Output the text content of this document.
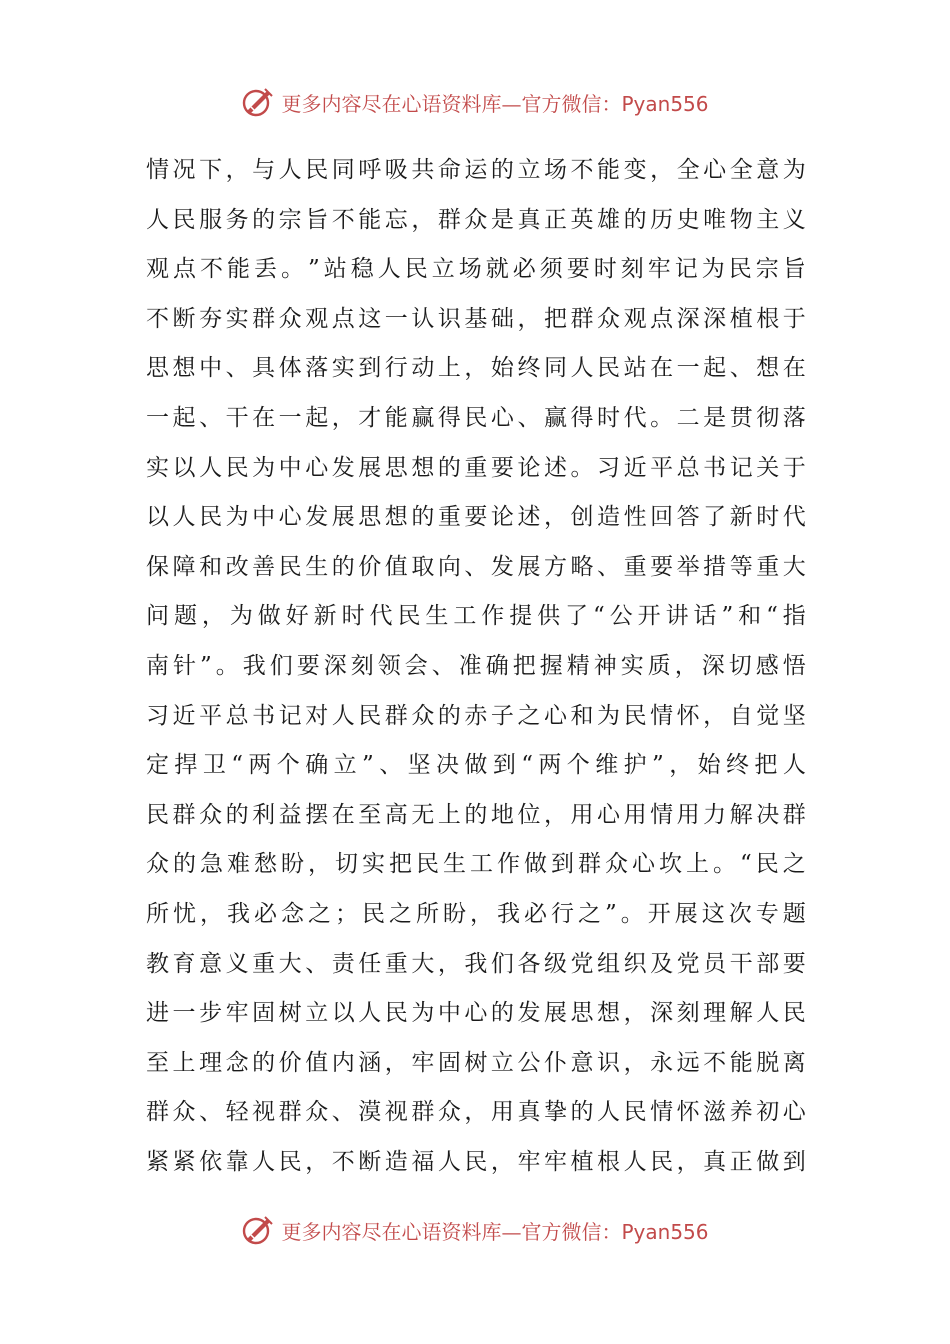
更多内容尽在心语资料库—官方微信：Pyan556
情 况 下 ， 与 人 民 同 呼 吸 共 命 运 的 立 场 不 能 变 ， 全 心 全 意 为
人 民 服 务 的 宗 旨 不 能 忘 ， 群 众 是 真 正 英 雄 的 历 史 唯 物 主 义
观 点 不 能 丢 。 ” 站 稳 人 民 立 场 就 必 须 要 时 刻 牢 记 为 民 宗 旨
不 断 夯 实 群 众 观 点 这 一 认 识 基 础 ， 把 群 众 观 点 深 深 植 根 于
思 想 中 、 具 体 落 实 到 行 动 上 ， 始 终 同 人 民 站 在 一 起 、 想 在
一 起 、 干 在 一 起 ， 才 能 赢 得 民 心 、 赢 得 时 代 。 二 是 贯 彻 落
实 以 人 民 为 中 心 发 展 思 想 的 重 要 论 述 。 习 近 平 总 书 记 关 于
以 人 民 为 中 心 发 展 思 想 的 重 要 论 述 ， 创 造 性 回 答 了 新 时 代
保 障 和 改 善 民 生 的 价 值 取 向 、 发 展 方 略 、 重 要 举 措 等 重 大
问 题 ， 为 做 好 新 时 代 民 生 工 作 提 供 了 “ 公 开 讲 话 ” 和 “ 指
南 针 ” 。 我 们 要 深 刻 领 会 、 准 确 把 握 精 神 实 质 ， 深 切 感 悟
习 近 平 总 书 记 对 人 民 群 众 的 赤 子 之 心 和 为 民 情 怀 ， 自 觉 坚
定 捍 卫 “ 两 个 确 立 ” 、 坚 决 做 到 “ 两 个 维 护 ” ， 始 终 把 人
民 群 众 的 利 益 摆 在 至 高 无 上 的 地 位 ， 用 心 用 情 用 力 解 决 群
众 的 急 难 愁 盼 ， 切 实 把 民 生 工 作 做 到 群 众 心 坎 上 。 “ 民 之
所 忧 ， 我 必 念 之 ； 民 之 所 盼 ， 我 必 行 之 ” 。 开 展 这 次 专 题
教 育 意 义 重 大 、 责 任 重 大 ， 我 们 各 级 党 组 织 及 党 员 干 部 要
进 一 步 牢 固 树 立 以 人 民 为 中 心 的 发 展 思 想 ， 深 刻 理 解 人 民
至 上 理 念 的 价 值 内 涵 ， 牢 固 树 立 公 仆 意 识 ， 永 远 不 能 脱 离
群 众 、 轻 视 群 众 、 漠 视 群 众 ， 用 真 挚 的 人 民 情 怀 滋 养 初 心
紧 紧 依 靠 人 民 ， 不 断 造 福 人 民 ， 牢 牢 植 根 人 民 ， 真 正 做 到
更多内容尽在心语资料库—官方微信：Pyan556
